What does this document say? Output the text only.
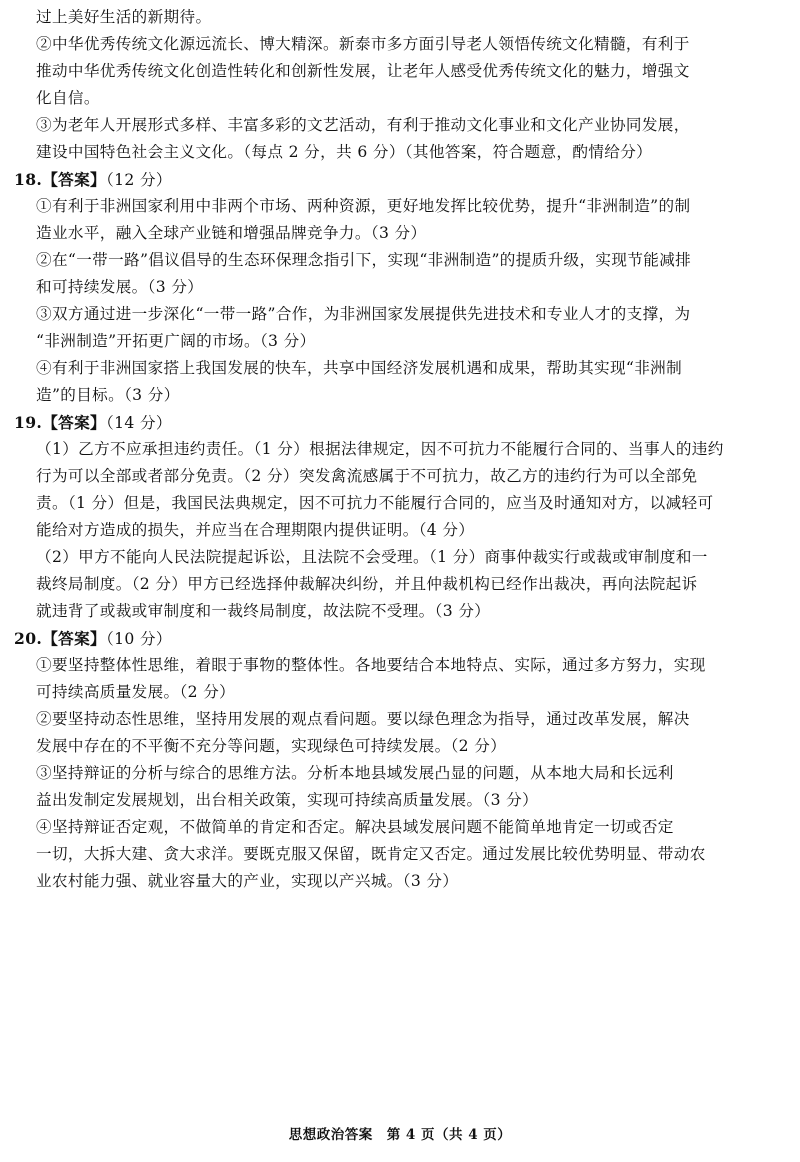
过上美好生活的新期待。
②中华优秀传统文化源远流长、博大精深。新泰市多方面引导老人领悟传统文化精髓，有利于
推动中华优秀传统文化创造性转化和创新性发展，让老年人感受优秀传统文化的魅力，增强文
化自信。
③为老年人开展形式多样、丰富多彩的文艺活动，有利于推动文化事业和文化产业协同发展，
建设中国特色社会主义文化。（每点 2 分，共 6 分）（其他答案，符合题意，酌情给分）
18.【答案】（12 分）
①有利于非洲国家利用中非两个市场、两种资源，更好地发挥比较优势，提升“非洲制造”的制
造业水平，融入全球产业链和增强品牌竞争力。（3 分）
②在“一带一路”倡议倡导的生态环保理念指引下，实现“非洲制造”的提质升级，实现节能减排
和可持续发展。（3 分）
③双方通过进一步深化“一带一路”合作，为非洲国家发展提供先进技术和专业人才的支撑，为
“非洲制造”开拓更广阔的市场。（3 分）
④有利于非洲国家搭上我国发展的快车，共享中国经济发展机遇和成果，帮助其实现“非洲制
造”的目标。（3 分）
19.【答案】（14 分）
（1）乙方不应承担违约责任。（1 分）根据法律规定，因不可抗力不能履行合同的、当事人的违约
行为可以全部或者部分免责。（2 分）突发禽流感属于不可抗力，故乙方的违约行为可以全部免
责。（1 分）但是，我国民法典规定，因不可抗力不能履行合同的，应当及时通知对方，以减轻可
能给对方造成的损失，并应当在合理期限内提供证明。（4 分）
（2）甲方不能向人民法院提起诉讼，且法院不会受理。（1 分）商事仲裁实行或裁或审制度和一
裁终局制度。（2 分）甲方已经选择仲裁解决纠纷，并且仲裁机构已经作出裁决，再向法院起诉
就违背了或裁或审制度和一裁终局制度，故法院不受理。（3 分）
20.【答案】（10 分）
①要坚持整体性思维，着眼于事物的整体性。各地要结合本地特点、实际，通过多方努力，实现
可持续高质量发展。（2 分）
②要坚持动态性思维，坚持用发展的观点看问题。要以绿色理念为指导，通过改革发展，解决
发展中存在的不平衡不充分等问题，实现绿色可持续发展。（2 分）
③坚持辩证的分析与综合的思维方法。分析本地县域发展凸显的问题，从本地大局和长远利
益出发制定发展规划，出台相关政策，实现可持续高质量发展。（3 分）
④坚持辩证否定观，不做简单的肯定和否定。解决县域发展问题不能简单地肯定一切或否定
一切，大拆大建、贪大求洋。要既克服又保留，既肯定又否定。通过发展比较优势明显、带动农
业农村能力强、就业容量大的产业，实现以产兴城。（3 分）
思想政治答案　第 4 页（共 4 页）
